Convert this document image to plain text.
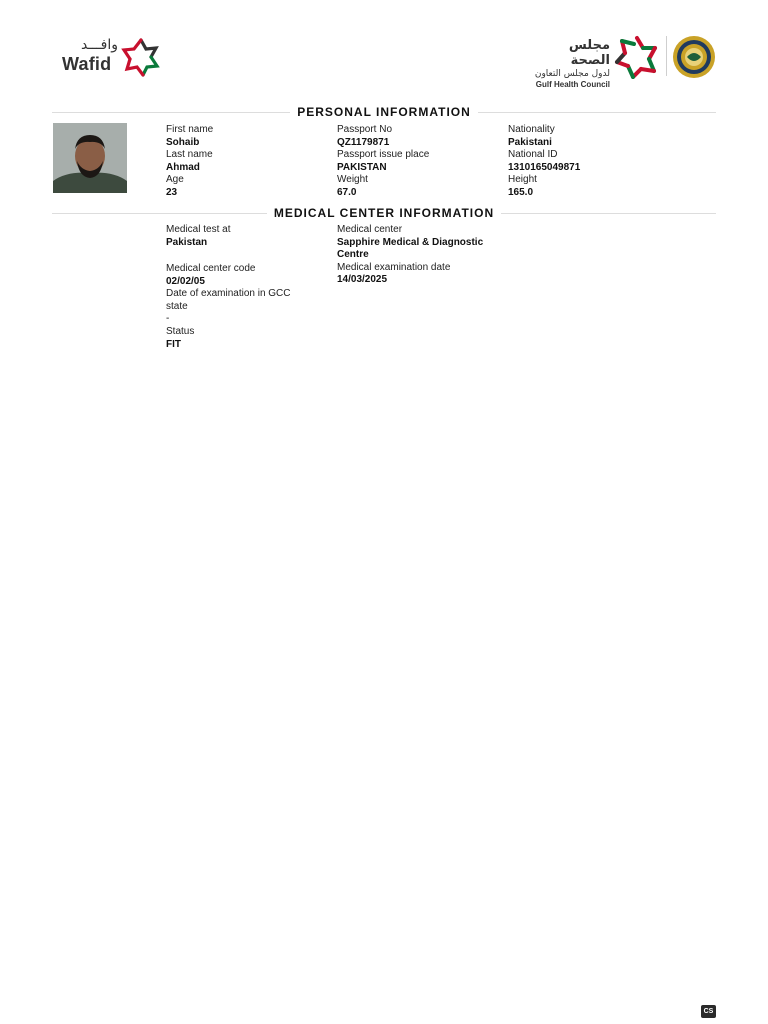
وافـــد
Wafid
مجلس الصحة
لدول مجلس التعاون
Gulf Health Council
PERSONAL INFORMATION
First name
Sohaib
Last name
Ahmad
Age
23
Passport No
QZ1179871
Passport issue place
PAKISTAN
Weight
67.0
Nationality
Pakistani
National ID
1310165049871
Height
165.0
MEDICAL CENTER INFORMATION
Medical test at
Pakistan
Medical center code
02/02/05
Date of examination in GCC
state
-
Status
FIT
Medical center
Sapphire Medical & Diagnostic
Centre
Medical examination date
14/03/2025
CS
